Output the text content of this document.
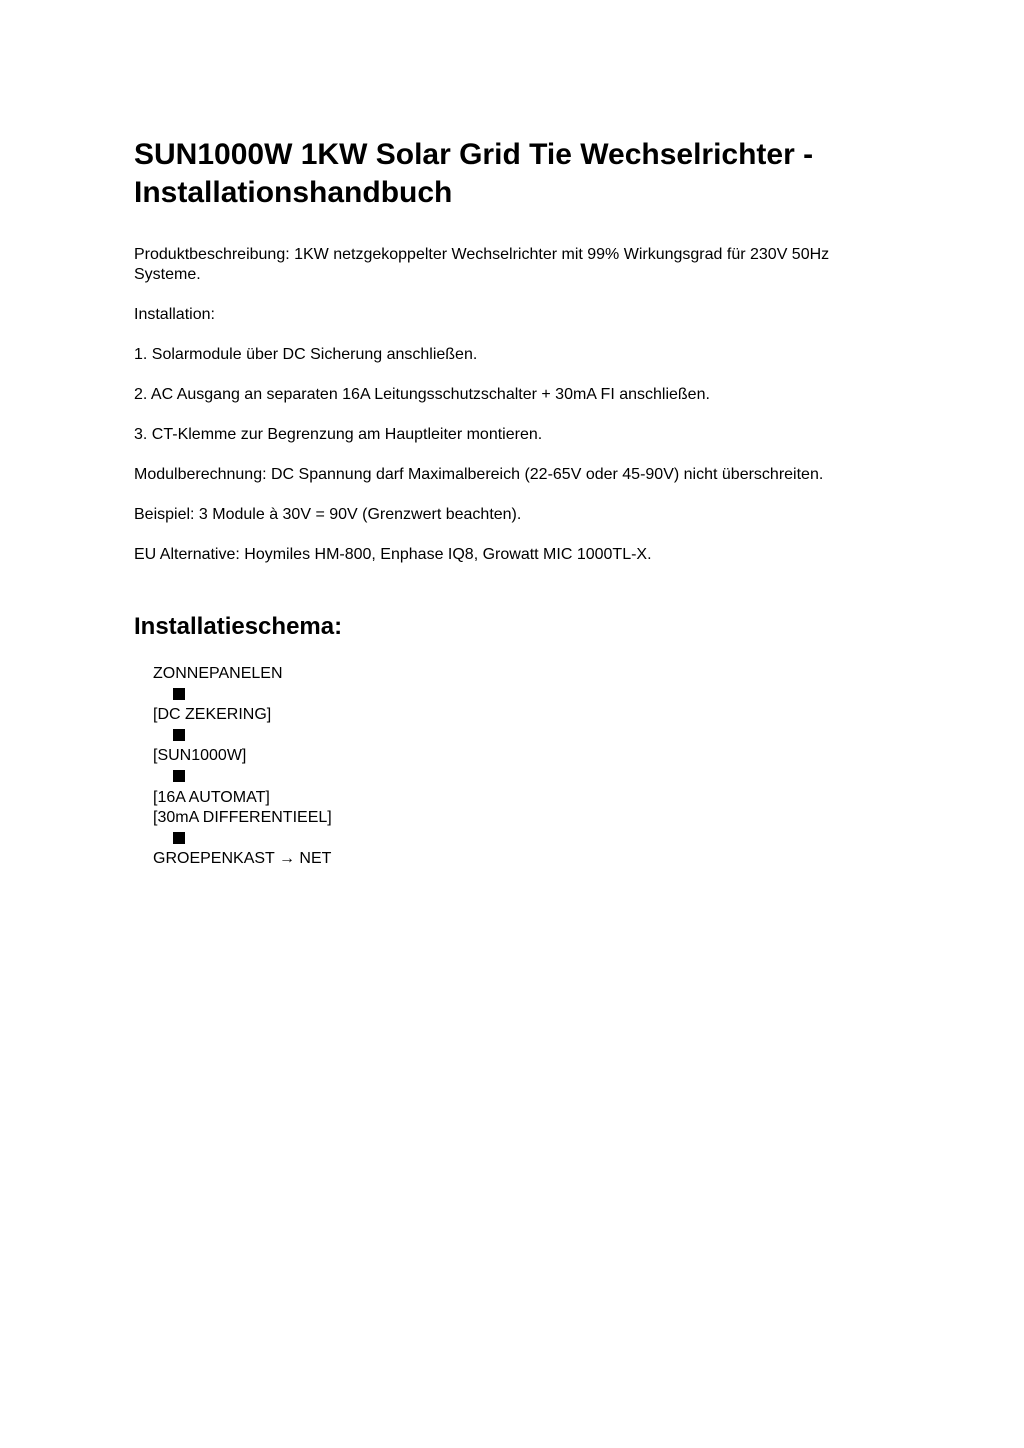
SUN1000W 1KW Solar Grid Tie Wechselrichter -
Installationshandbuch

Produktbeschreibung: 1KW netzgekoppelter Wechselrichter mit 99% Wirkungsgrad für 230V 50Hz Systeme.

Installation:

1. Solarmodule über DC Sicherung anschließen.

2. AC Ausgang an separaten 16A Leitungsschutzschalter + 30mA FI anschließen.

3. CT-Klemme zur Begrenzung am Hauptleiter montieren.

Modulberechnung: DC Spannung darf Maximalbereich (22-65V oder 45-90V) nicht überschreiten.

Beispiel: 3 Module à 30V = 90V (Grenzwert beachten).

EU Alternative: Hoymiles HM-800, Enphase IQ8, Growatt MIC 1000TL-X.

Installatieschema:
ZONNEPANELEN
[DC ZEKERING]
[SUN1000W]
[16A AUTOMAT]
[30mA DIFFERENTIEEL]
GROEPENKAST → NET
